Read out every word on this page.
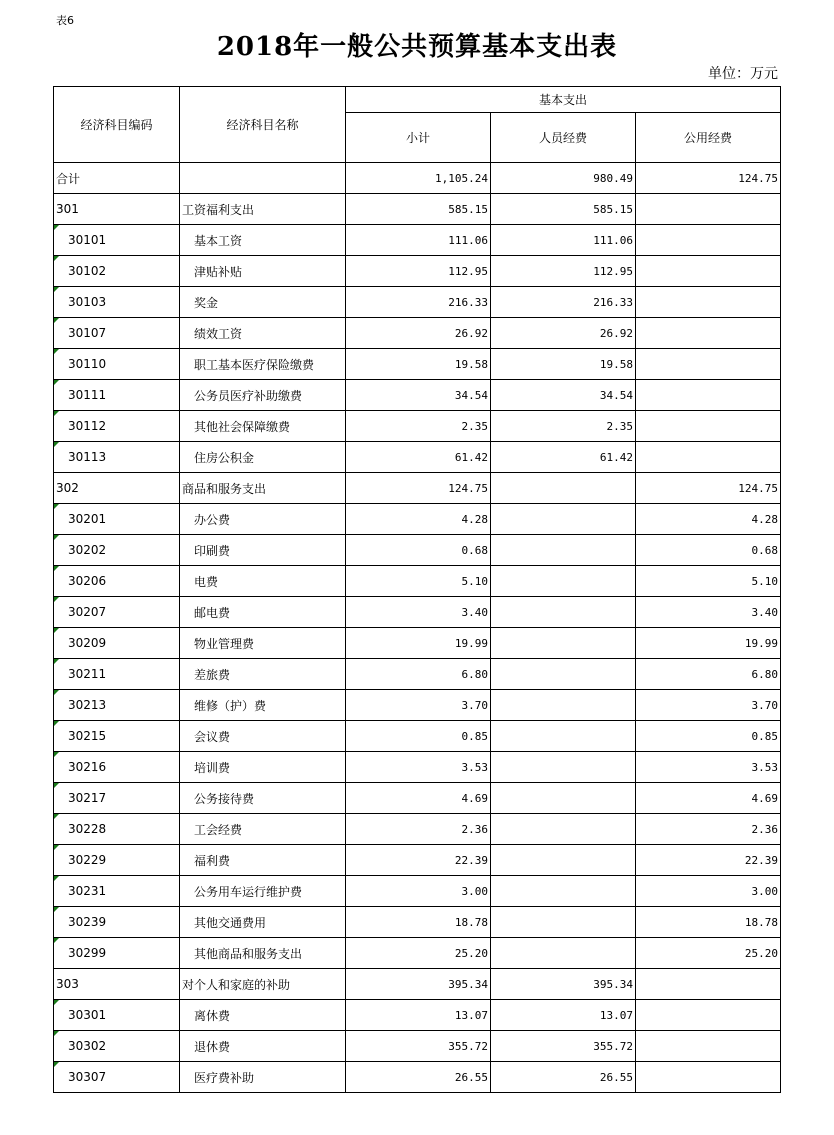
表6
2018年一般公共预算基本支出表
单位：万元
经济科目编码	经济科目名称	基本支出		
		小计	人员经费	公用经费
合计		1,105.24	980.49	124.75
301	工资福利支出	585.15	585.15	
30101	基本工资	111.06	111.06	
30102	津贴补贴	112.95	112.95	
30103	奖金	216.33	216.33	
30107	绩效工资	26.92	26.92	
30110	职工基本医疗保险缴费	19.58	19.58	
30111	公务员医疗补助缴费	34.54	34.54	
30112	其他社会保障缴费	2.35	2.35	
30113	住房公积金	61.42	61.42	
302	商品和服务支出	124.75		124.75
30201	办公费	4.28		4.28
30202	印刷费	0.68		0.68
30206	电费	5.10		5.10
30207	邮电费	3.40		3.40
30209	物业管理费	19.99		19.99
30211	差旅费	6.80		6.80
30213	维修（护）费	3.70		3.70
30215	会议费	0.85		0.85
30216	培训费	3.53		3.53
30217	公务接待费	4.69		4.69
30228	工会经费	2.36		2.36
30229	福利费	22.39		22.39
30231	公务用车运行维护费	3.00		3.00
30239	其他交通费用	18.78		18.78
30299	其他商品和服务支出	25.20		25.20
303	对个人和家庭的补助	395.34	395.34	
30301	离休费	13.07	13.07	
30302	退休费	355.72	355.72	
30307	医疗费补助	26.55	26.55	
